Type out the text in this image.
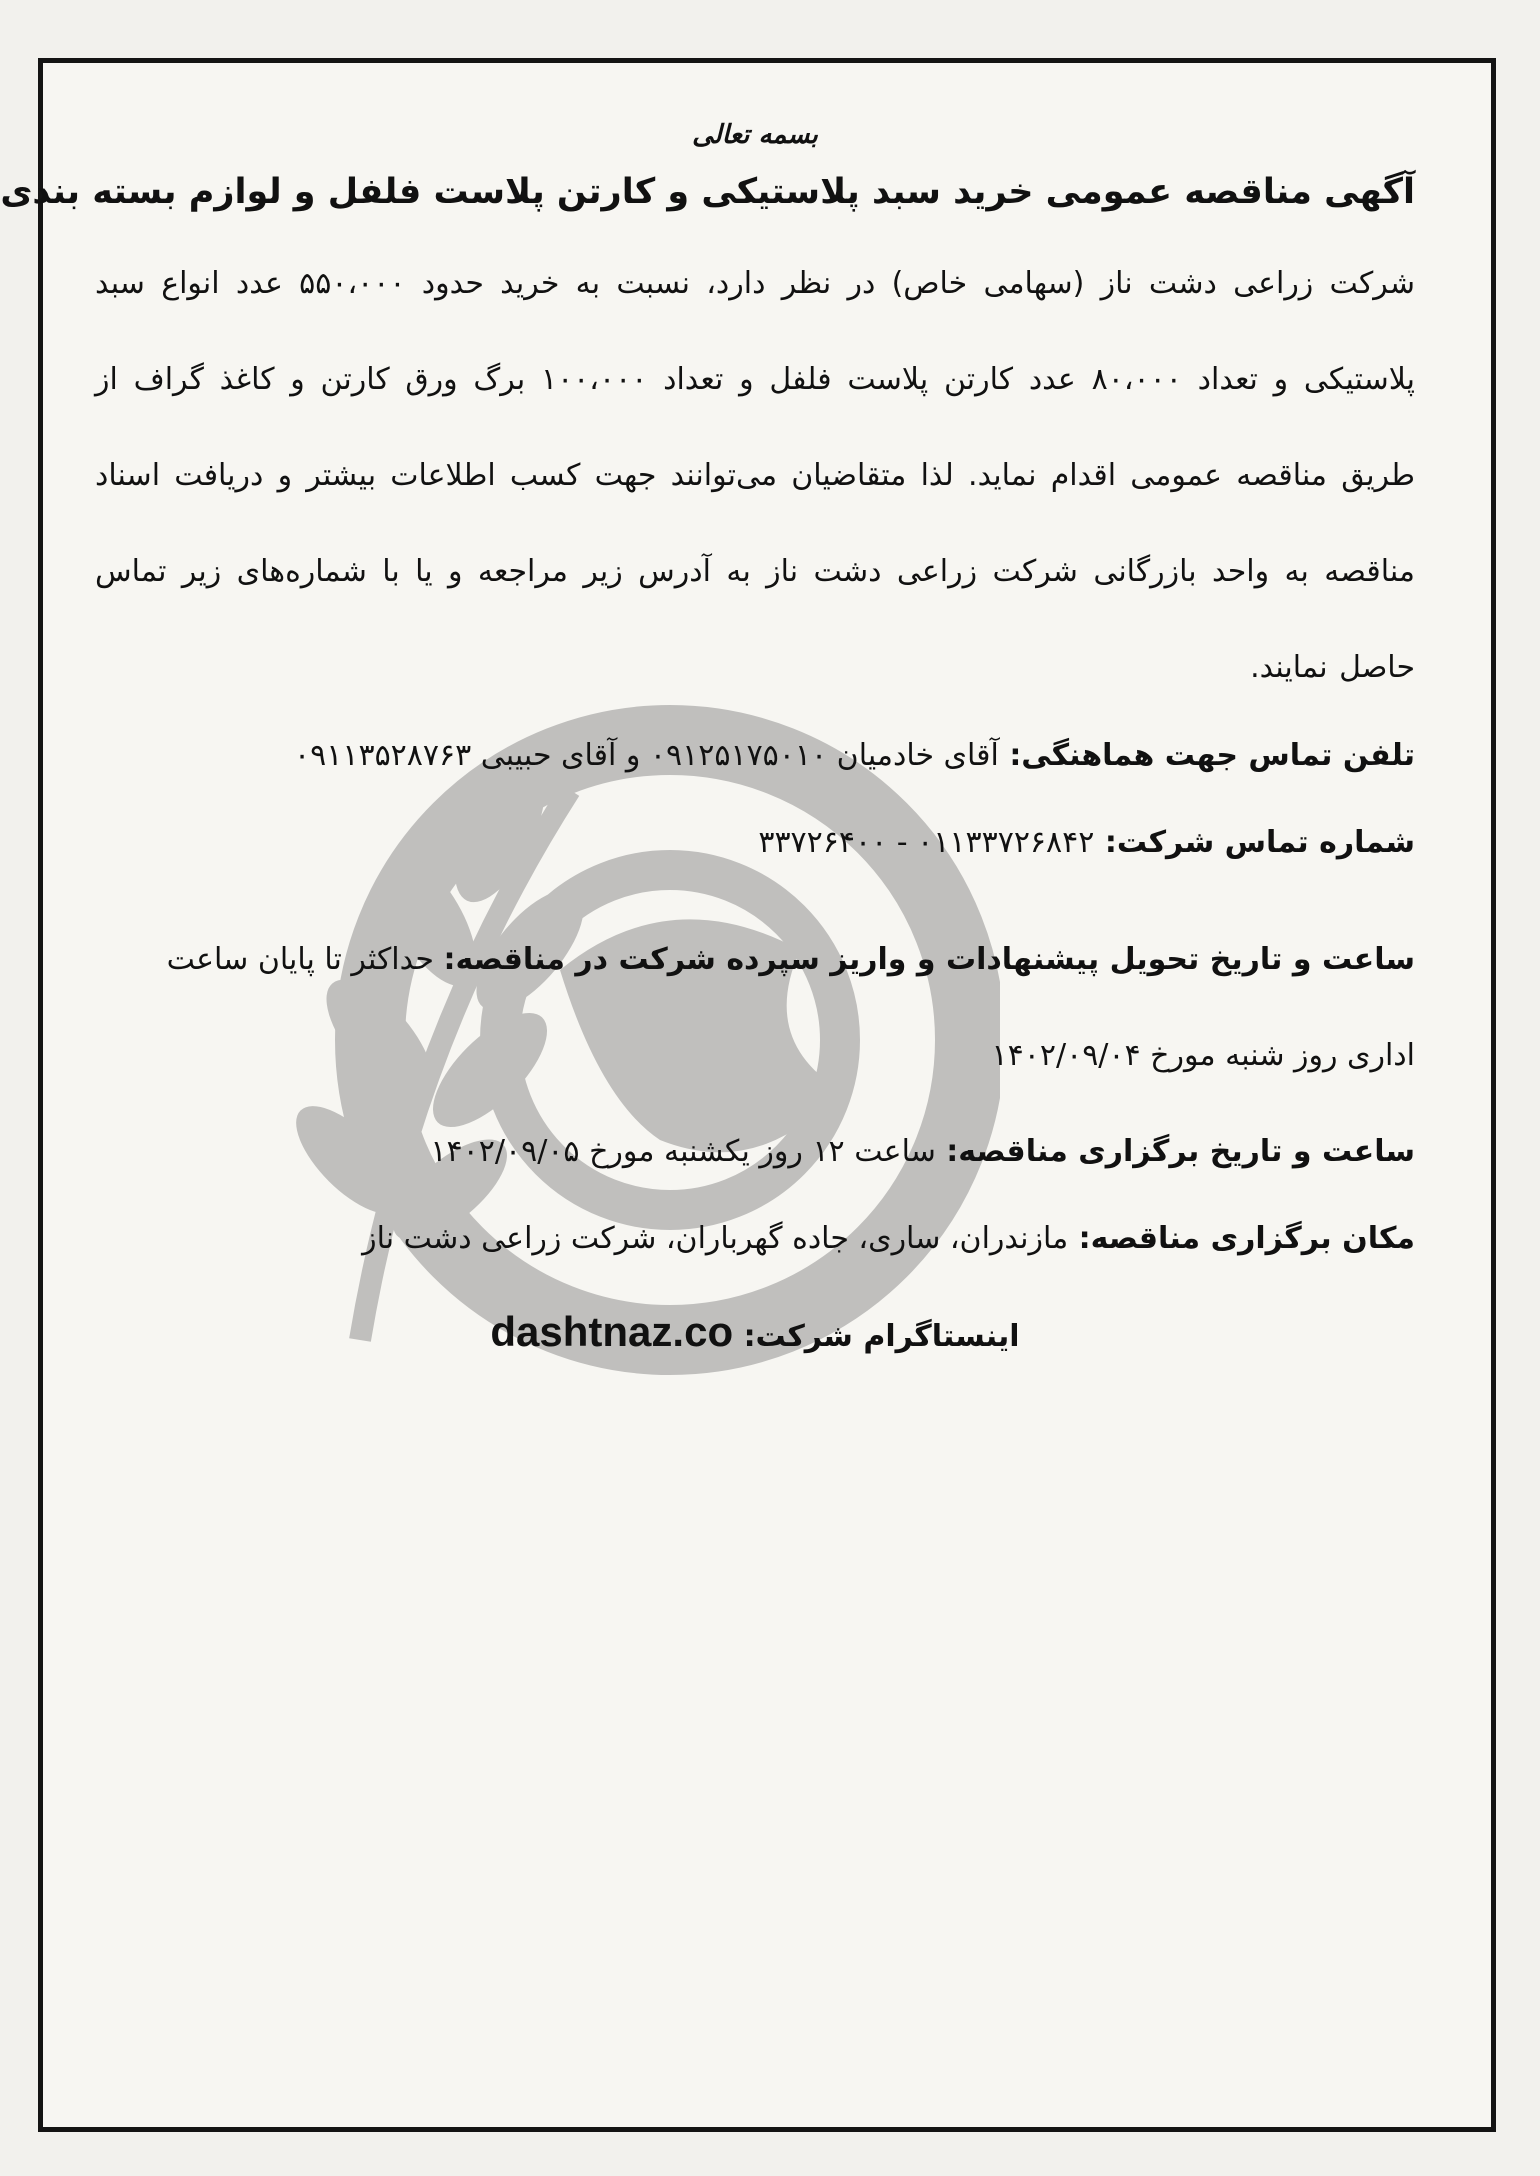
بسمه تعالی
آگهی مناقصه عمومی خرید سبد پلاستیکی و کارتن پلاست فلفل و لوازم بسته بندی
شرکت زراعی دشت ناز (سهامی خاص) در نظر دارد، نسبت به خرید حدود ۵۵۰،۰۰۰ عدد انواع سبد پلاستیکی و تعداد ۸۰،۰۰۰ عدد کارتن پلاست فلفل و تعداد ۱۰۰،۰۰۰ برگ ورق کارتن و کاغذ گراف از طریق مناقصه عمومی اقدام نماید. لذا متقاضیان می‌توانند جهت کسب اطلاعات بیشتر و دریافت اسناد مناقصه به واحد بازرگانی شرکت زراعی دشت ناز به آدرس زیر مراجعه و یا با شماره‌های زیر تماس حاصل نمایند.
تلفن تماس جهت هماهنگی: آقای خادمیان ۰۹۱۲۵۱۷۵۰۱۰ و آقای حبیبی ۰۹۱۱۳۵۲۸۷۶۳
شماره تماس شرکت: ۰۱۱۳۳۷۲۶۸۴۲ - ۳۳۷۲۶۴۰۰
ساعت و تاریخ تحویل پیشنهادات و واریز سپرده شرکت در مناقصه: حداکثر تا پایان ساعت اداری روز شنبه مورخ ۱۴۰۲/۰۹/۰۴
ساعت و تاریخ برگزاری مناقصه: ساعت ۱۲ روز یکشنبه مورخ ۱۴۰۲/۰۹/۰۵
مکان برگزاری مناقصه: مازندران، ساری، جاده گهرباران، شرکت زراعی دشت ناز
اینستاگرام شرکت: dashtnaz.co
